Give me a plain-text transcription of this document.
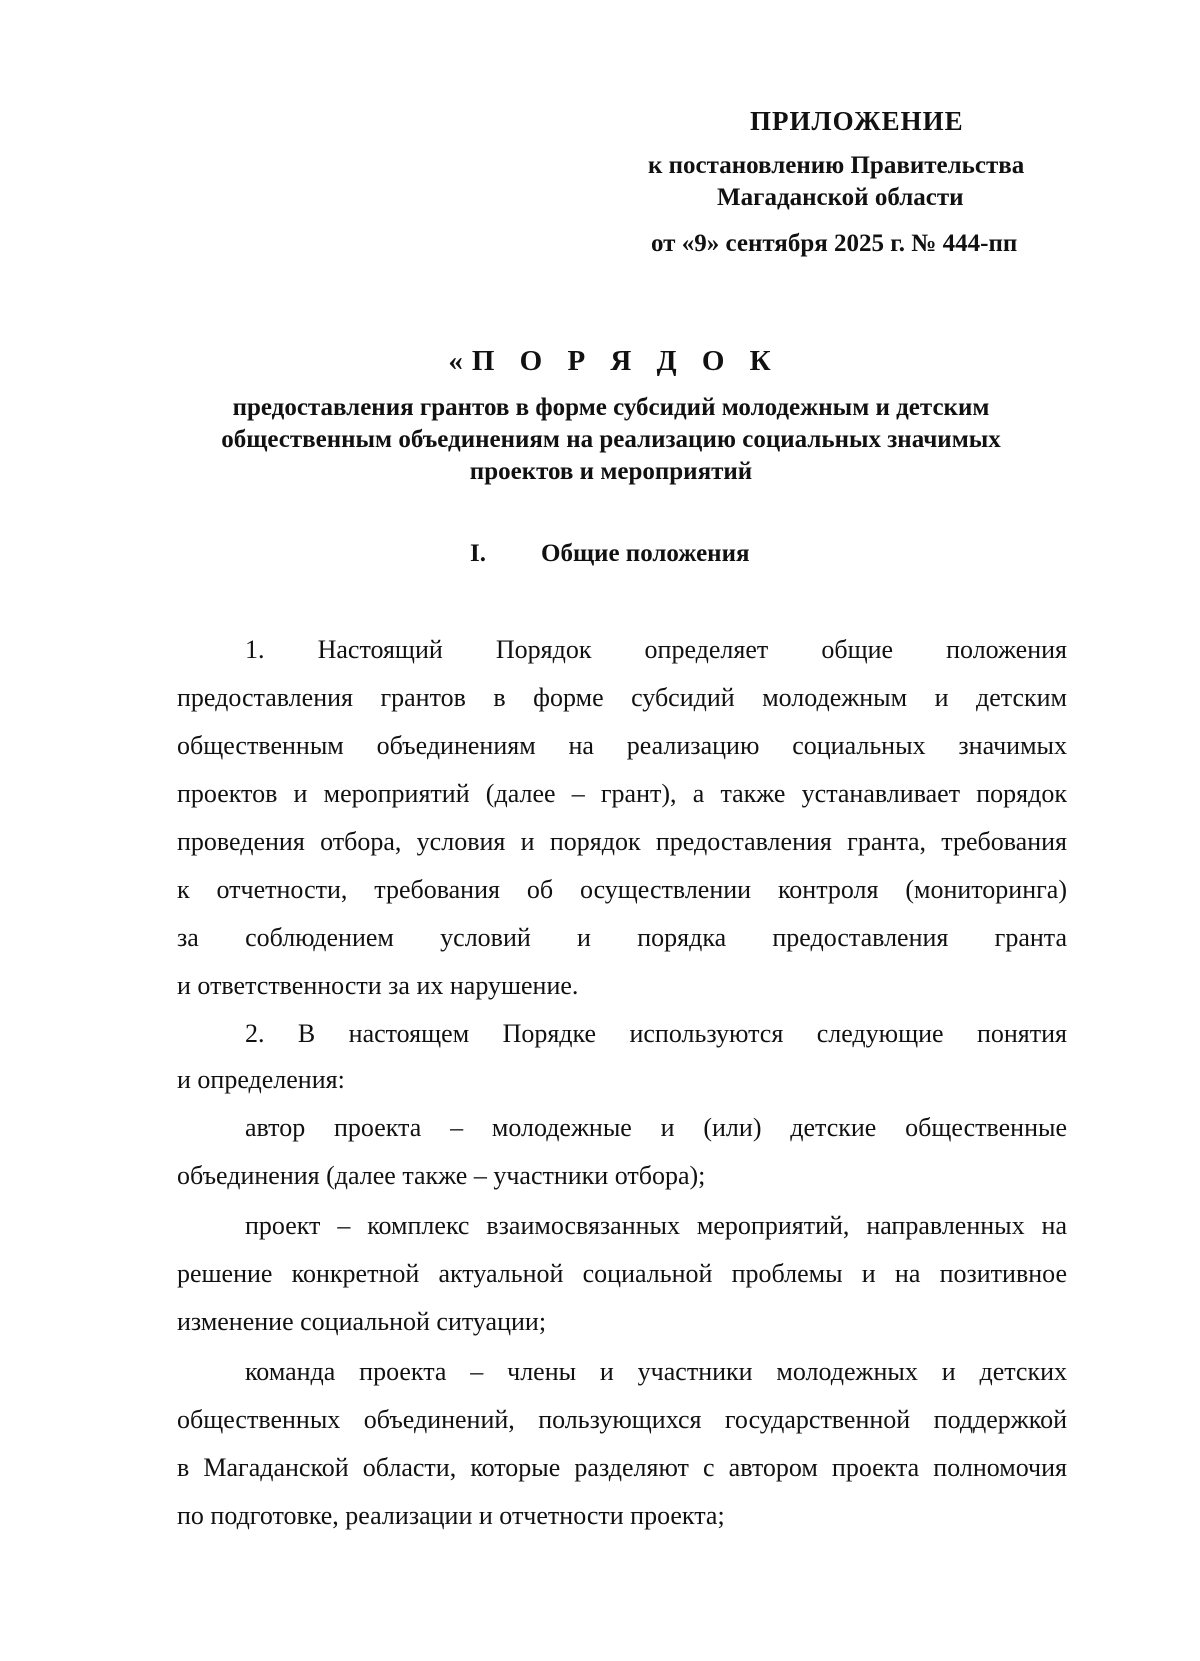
ПРИЛОЖЕНИЕ
к постановлению Правительства
Магаданской области
от «9» сентября 2025 г. № 444-пп
«П О Р Я Д О К
предоставления грантов в форме субсидий молодежным и детским
общественным объединениям на реализацию социальных значимых
проектов и мероприятий
I. Общие положения
1. Настоящий Порядок определяет общие положения
предоставления грантов в форме субсидий молодежным и детским
общественным объединениям на реализацию социальных значимых
проектов и мероприятий (далее – грант), а также устанавливает порядок
проведения отбора, условия и порядок предоставления гранта, требования
к отчетности, требования об осуществлении контроля (мониторинга)
за соблюдением условий и порядка предоставления гранта
и ответственности за их нарушение.
2. В настоящем Порядке используются следующие понятия
и определения:
автор проекта – молодежные и (или) детские общественные
объединения (далее также – участники отбора);
проект – комплекс взаимосвязанных мероприятий, направленных на
решение конкретной актуальной социальной проблемы и на позитивное
изменение социальной ситуации;
команда проекта – члены и участники молодежных и детских
общественных объединений, пользующихся государственной поддержкой
в Магаданской области, которые разделяют с автором проекта полномочия
по подготовке, реализации и отчетности проекта;
